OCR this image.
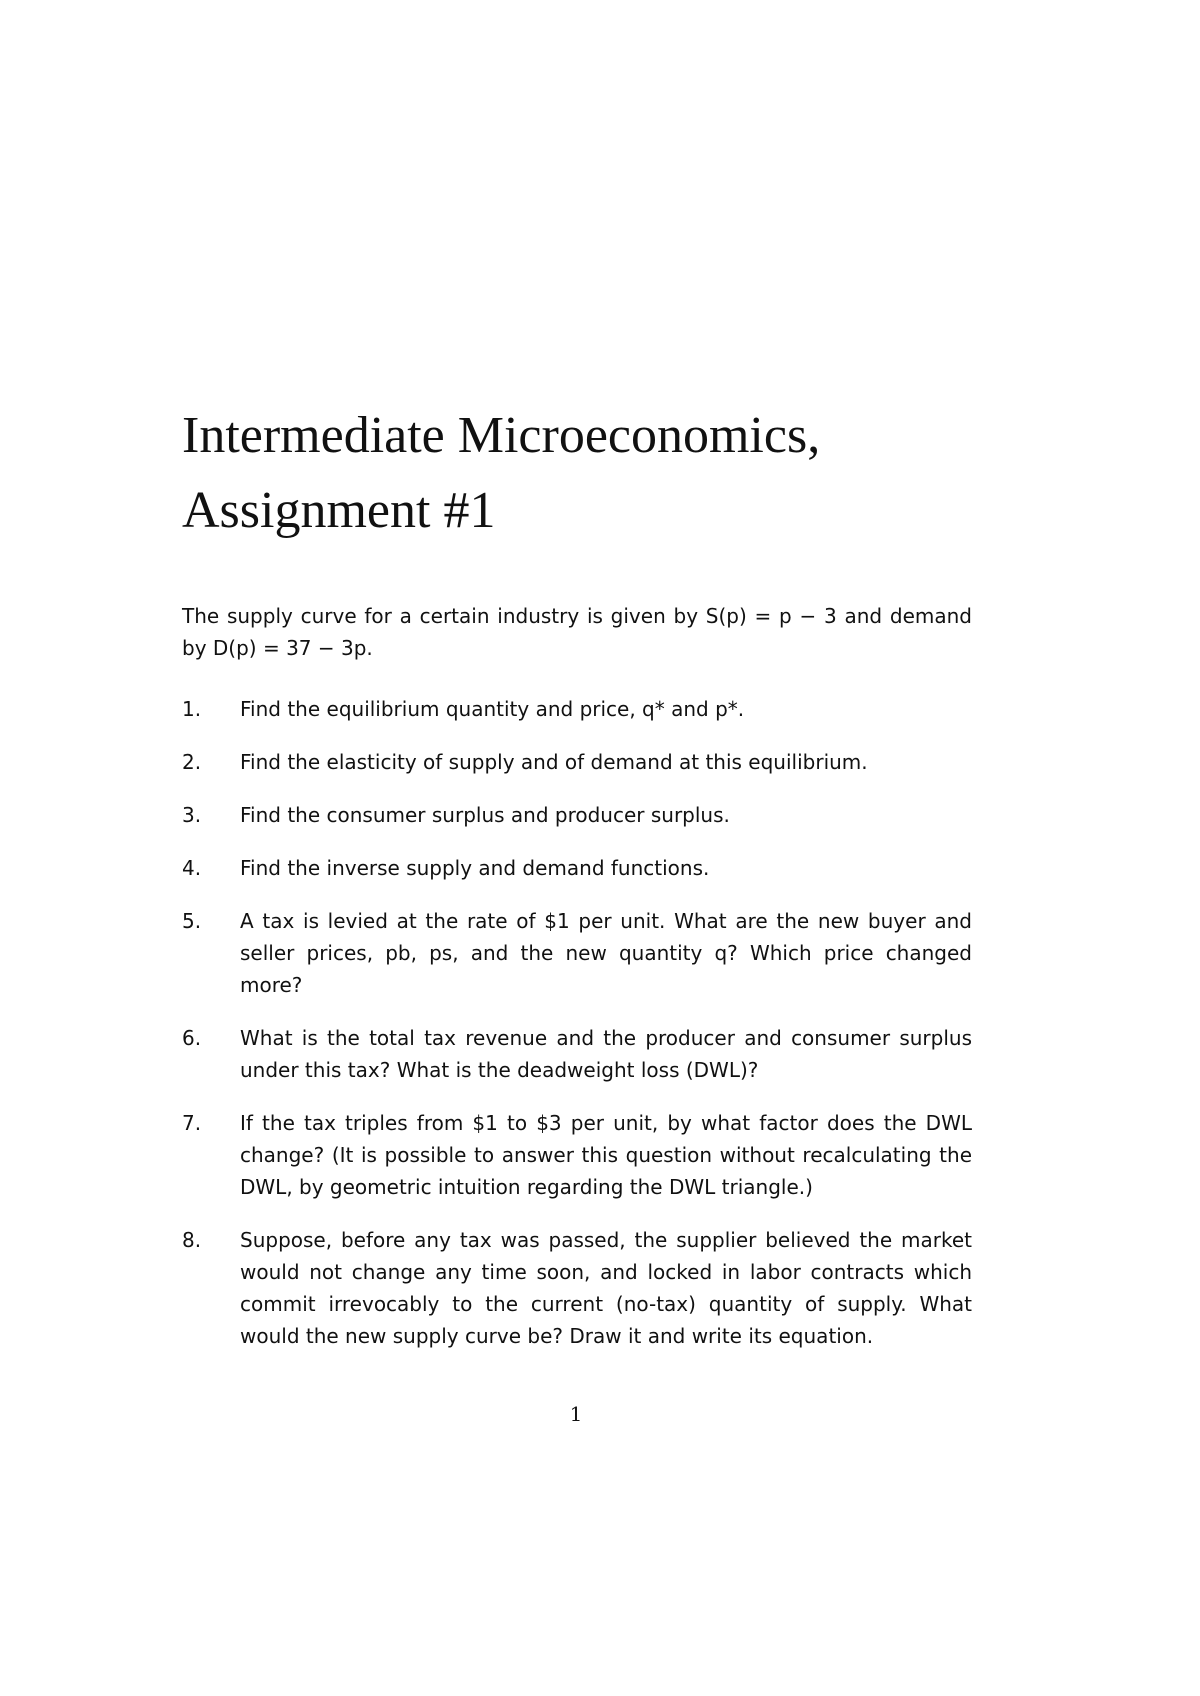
Intermediate Microeconomics,
Assignment #1

The supply curve for a certain industry is given by S(p) = p − 3 and demand by D(p) = 37 − 3p.

1.	Find the equilibrium quantity and price, q* and p*.
2.	Find the elasticity of supply and of demand at this equilibrium.
3.	Find the consumer surplus and producer surplus.
4.	Find the inverse supply and demand functions.
5.	A tax is levied at the rate of $1 per unit. What are the new buyer and seller prices, pb, ps, and the new quantity q? Which price changed more?
6.	What is the total tax revenue and the producer and consumer surplus under this tax? What is the deadweight loss (DWL)?
7.	If the tax triples from $1 to $3 per unit, by what factor does the DWL change? (It is possible to answer this question without recalculating the DWL, by geometric intuition regarding the DWL triangle.)
8.	Suppose, before any tax was passed, the supplier believed the market would not change any time soon, and locked in labor contracts which commit irrevocably to the current (no-tax) quantity of supply. What would the new supply curve be? Draw it and write its equation.
1
